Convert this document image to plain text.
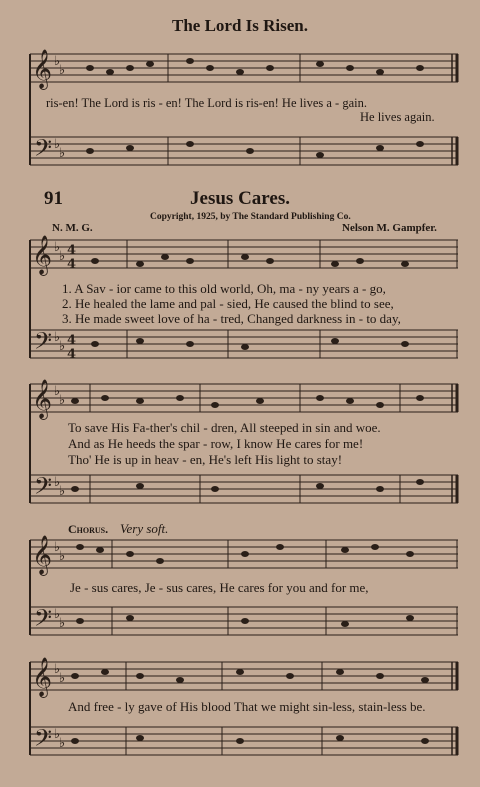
The Lord Is Risen.
𝄞
𝄢
𝄞
𝄢
𝄞
𝄢
𝄞
𝄢
𝄞
𝄢
♭
♭
♭
♭
♭
♭
♭
♭
♭
♭
♭
♭
♭
♭
♭
♭
♭
♭
♭
♭
4
4
4
4
ris-en! The Lord is ris - en! The Lord is ris-en! He lives a - gain.
He lives again.
91	Jesus Cares.
Copyright, 1925, by The Standard Publishing Co.
N. M. G.	Nelson M. Gampfer.
1. A Sav - ior came to this old world, Oh, ma - ny years a - go,
2. He healed the lame and pal - sied, He caused the blind to see,
3. He made sweet love of ha - tred, Changed darkness in - to day,
To save His Fa-ther's chil - dren, All steeped in sin and woe.
And as He heeds the spar - row, I know He cares for me!
Tho' He is up in heav - en, He's left His light to stay!
Chorus. Very soft.
Je - sus cares, Je - sus cares, He cares for you and for me,
And free - ly gave of His blood That we might sin-less, stain-less be.
